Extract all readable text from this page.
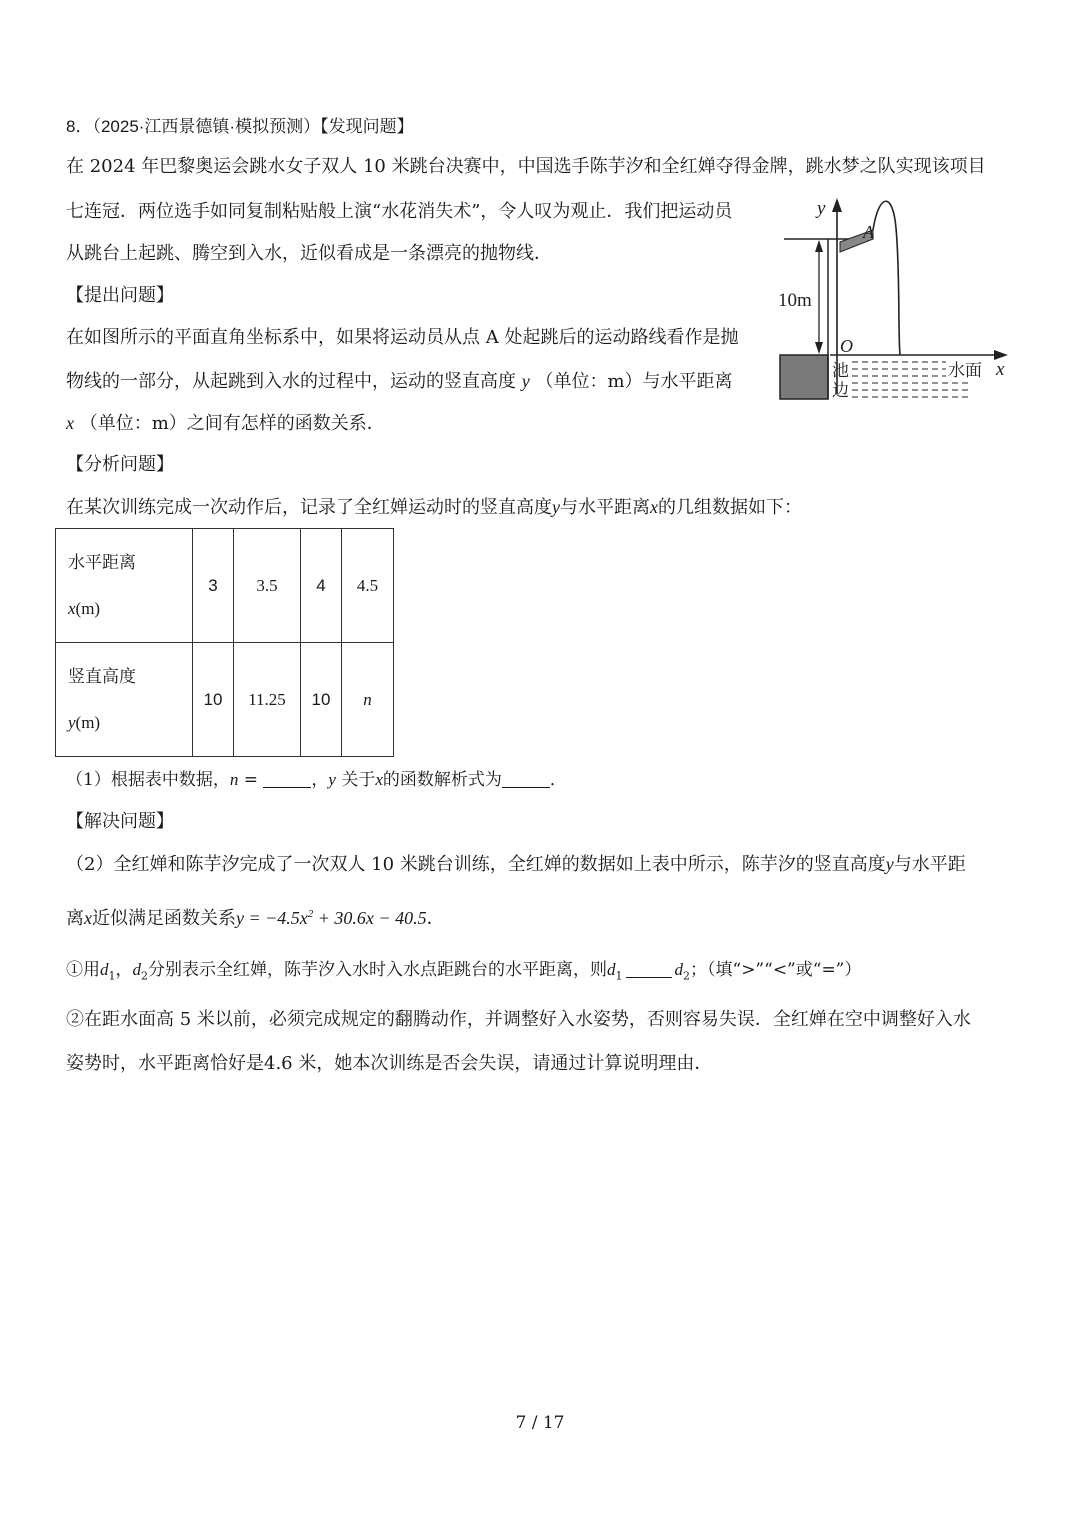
8．（2025·江西景德镇·模拟预测）【发现问题】
在 2024 年巴黎奥运会跳水女子双人 10 米跳台决赛中，中国选手陈芋汐和全红婵夺得金牌，跳水梦之队实现该项目
七连冠．两位选手如同复制粘贴般上演“水花消失术”，令人叹为观止．我们把运动员
从跳台上起跳、腾空到入水，近似看成是一条漂亮的抛物线．
【提出问题】
在如图所示的平面直角坐标系中，如果将运动员从点 A 处起跳后的运动路线看作是抛
物线的一部分，从起跳到入水的过程中，运动的竖直高度 y （单位：m）与水平距离
x （单位：m）之间有怎样的函数关系．
【分析问题】
在某次训练完成一次动作后，记录了全红婵运动时的竖直高度y与水平距离x的几组数据如下：
水平距离
x(m)	3	3.5	4	4.5
竖直高度
y(m)	10	11.25	10	n
（1）根据表中数据，n =	，y 关于x的函数解析式为	．
【解决问题】
（2）全红婵和陈芋汐完成了一次双人 10 米跳台训练，全红婵的数据如上表中所示，陈芋汐的竖直高度y与水平距
离x近似满足函数关系$y = -4.5x^2 + 30.6x - 40.5$．
①用$d_1$，$d_2$分别表示全红婵，陈芋汐入水时入水点距跳台的水平距离，则$d_1$	$d_2$；（填“>”“<”或“=”）
②在距水面高 5 米以前，必须完成规定的翻腾动作，并调整好入水姿势，否则容易失误．全红婵在空中调整好入水
姿势时，水平距离恰好是4.6 米，她本次训练是否会失误，请通过计算说明理由．
10m
y
x
A
O
池
边
水面
7 / 17
